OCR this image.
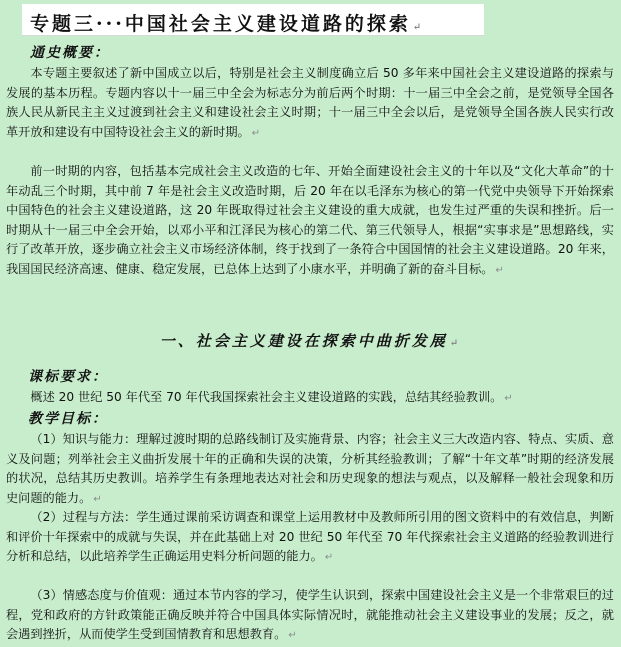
专题三···中国社会主义建设道路的探索 ↵
通史概要：
本专题主要叙述了新中国成立以后，特别是社会主义制度确立后 50 多年来中国社会主义建设道路的探索与发展的基本历程。专题内容以十一届三中全会为标志分为前后两个时期：十一届三中全会之前，是党领导全国各族人民从新民主主义过渡到社会主义和建设社会主义时期；十一届三中全会以后，是党领导全国各族人民实行改革开放和建设有中国特设社会主义的新时期。 ↵
前一时期的内容，包括基本完成社会主义改造的七年、开始全面建设社会主义的十年以及“文化大革命”的十年动乱三个时期，其中前 7 年是社会主义改造时期，后 20 年在以毛泽东为核心的第一代党中央领导下开始探索中国特色的社会主义建设道路，这 20 年既取得过社会主义建设的重大成就，也发生过严重的失误和挫折。后一时期从十一届三中全会开始，以邓小平和江泽民为核心的第二代、第三代领导人，根据“实事求是”思想路线，实行了改革开放，逐步确立社会主义市场经济体制，终于找到了一条符合中国国情的社会主义建设道路。20 年来，我国国民经济高速、健康、稳定发展，已总体上达到了小康水平，并明确了新的奋斗目标。 ↵
一、社会主义建设在探索中曲折发展 ↵
课标要求：
概述 20 世纪 50 年代至 70 年代我国探索社会主义建设道路的实践，总结其经验教训。 ↵
教学目标：
（1）知识与能力：理解过渡时期的总路线制订及实施背景、内容；社会主义三大改造内容、特点、实质、意义及问题；列举社会主义曲折发展十年的正确和失误的决策，分析其经验教训；了解“十年文革”时期的经济发展的状况，总结其历史教训。培养学生有条理地表达对社会和历史现象的想法与观点，以及解释一般社会现象和历史问题的能力。 ↵
（2）过程与方法：学生通过课前采访调查和课堂上运用教材中及教师所引用的图文资料中的有效信息，判断和评价十年探索中的成就与失误，并在此基础上对 20 世纪 50 年代至 70 年代探索社会主义道路的经验教训进行分析和总结，以此培养学生正确运用史料分析问题的能力。 ↵
（3）情感态度与价值观：通过本节内容的学习，使学生认识到，探索中国建设社会主义是一个非常艰巨的过程，党和政府的方针政策能正确反映并符合中国具体实际情况时，就能推动社会主义建设事业的发展；反之，就会遇到挫折，从而使学生受到国情教育和思想教育。 ↵
